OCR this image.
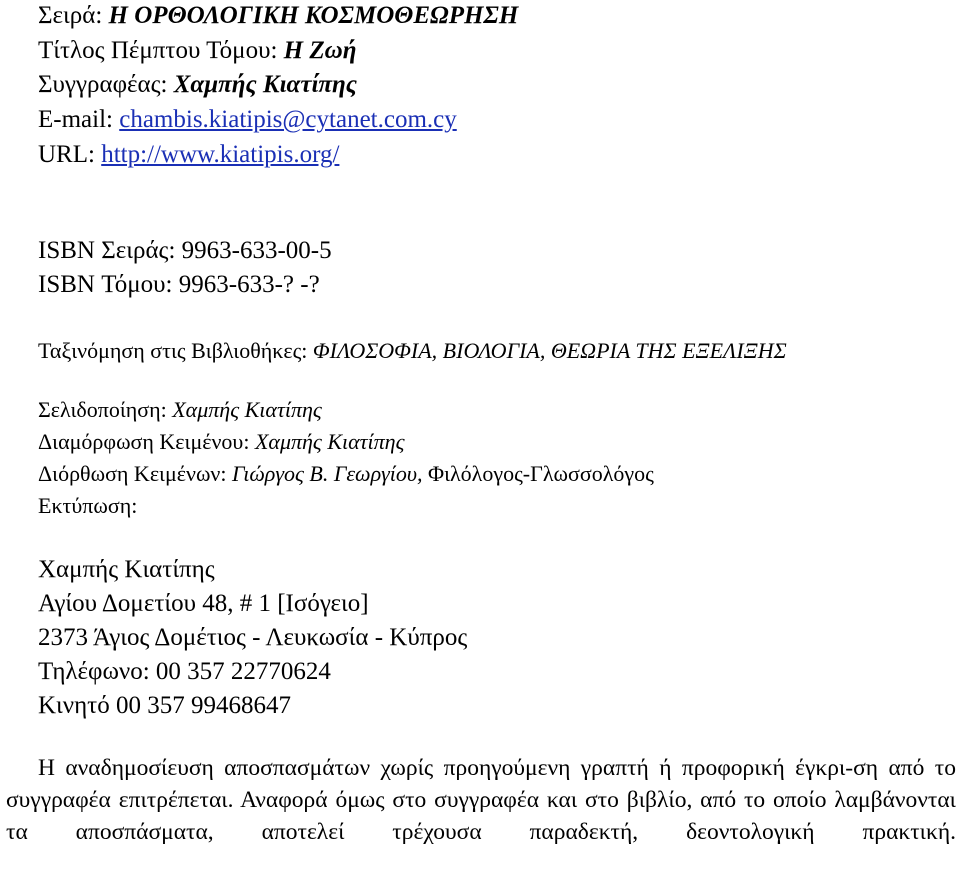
Σειρά: Η ΟΡΘΟΛΟΓΙΚΗ ΚΟΣΜΟΘΕΩΡΗΣΗ
Τίτλος Πέμπτου Τόμου: Η Ζωή
Συγγραφέας: Χαμπής Κιατίπης
E-mail: chambis.kiatipis@cytanet.com.cy
URL: http://www.kiatipis.org/
ISBN Σειράς: 9963-633-00-5
ISBN Τόμου: 9963-633-? -?
Ταξινόμηση στις Βιβλιοθήκες: ΦΙΛΟΣΟΦΙΑ, ΒΙΟΛΟΓΙΑ, ΘΕΩΡΙΑ ΤΗΣ ΕΞΕΛΙΞΗΣ
Σελιδοποίηση: Χαμπής Κιατίπης
Διαμόρφωση Κειμένου: Χαμπής Κιατίπης
Διόρθωση Κειμένων: Γιώργος Β. Γεωργίου, Φιλόλογος-Γλωσσολόγος
Εκτύπωση:
Χαμπής Κιατίπης
Αγίου Δομετίου 48, # 1 [Ισόγειο]
2373 Άγιος Δομέτιος - Λευκωσία - Κύπρος
Τηλέφωνο: 00 357 22770624
Κινητό 00 357 99468647
Η αναδημοσίευση αποσπασμάτων χωρίς προηγούμενη γραπτή ή προφορική έγκρι-ση από το συγγραφέα επιτρέπεται. Αναφορά όμως στο συγγραφέα και στο βιβλίο, από το οποίο λαμβάνονται τα αποσπάσματα, αποτελεί τρέχουσα παραδεκτή, δεοντολογική πρακτική.
